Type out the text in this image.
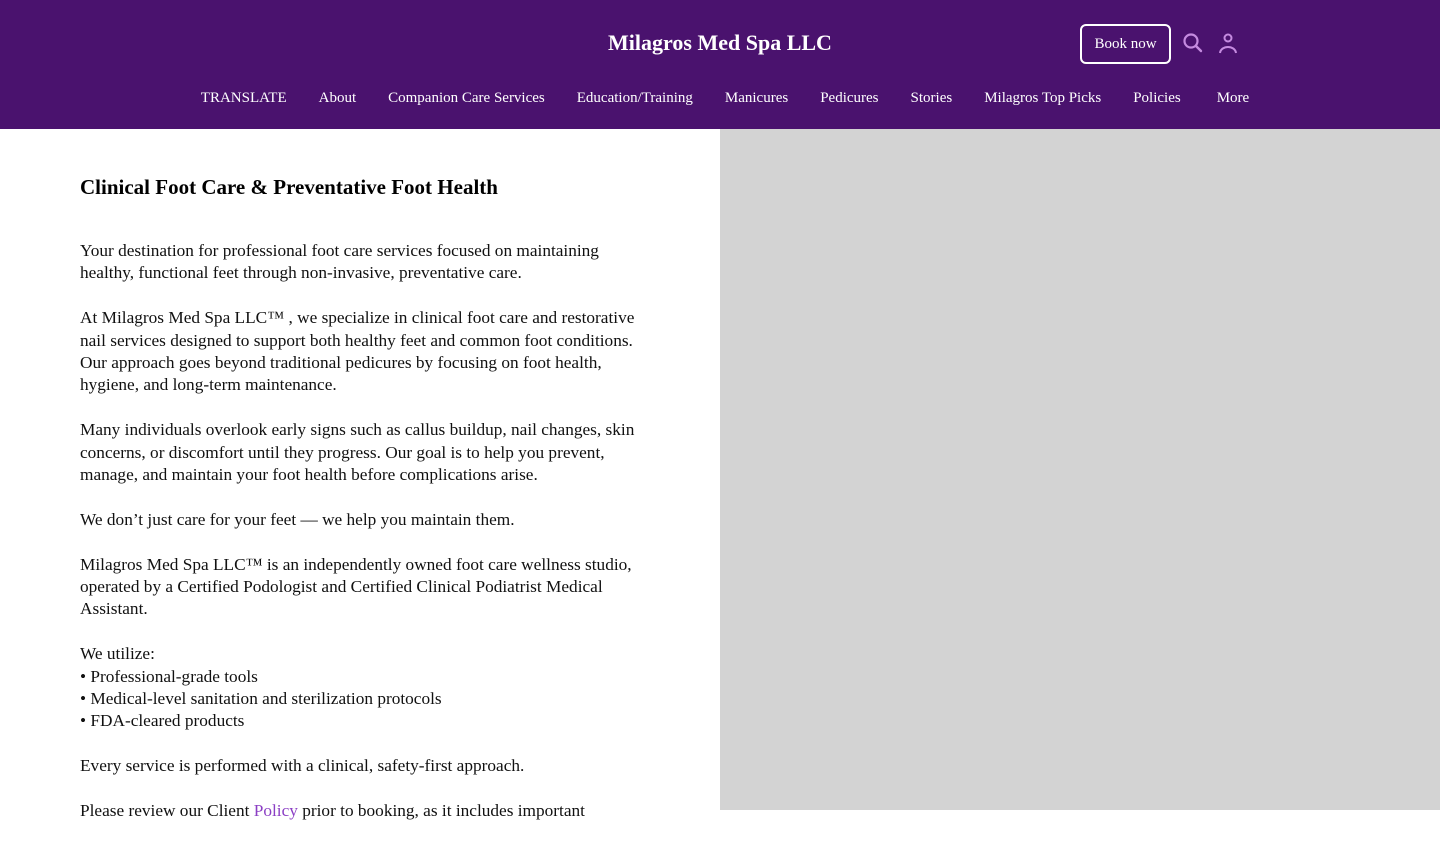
Milagros Med Spa LLC	Book now
TRANSLATE About Companion Care Services Education/Training Manicures Pedicures Stories Milagros Top Picks Policies More
Clinical Foot Care & Preventative Foot Health

Your destination for professional foot care services focused on maintaining healthy, functional feet through non-invasive, preventative care.

At Milagros Med Spa LLC™ , we specialize in clinical foot care and restorative nail services designed to support both healthy feet and common foot conditions. Our approach goes beyond traditional pedicures by focusing on foot health, hygiene, and long-term maintenance.

Many individuals overlook early signs such as callus buildup, nail changes, skin concerns, or discomfort until they progress. Our goal is to help you prevent, manage, and maintain your foot health before complications arise.

We don’t just care for your feet — we help you maintain them.

Milagros Med Spa LLC™ is an independently owned foot care wellness studio, operated by a Certified Podologist and Certified Clinical Podiatrist Medical Assistant.

We utilize:
• Professional-grade tools
• Medical-level sanitation and sterilization protocols
• FDA-cleared products

Every service is performed with a clinical, safety-first approach.

Please review our Client Policy prior to booking, as it includes important
